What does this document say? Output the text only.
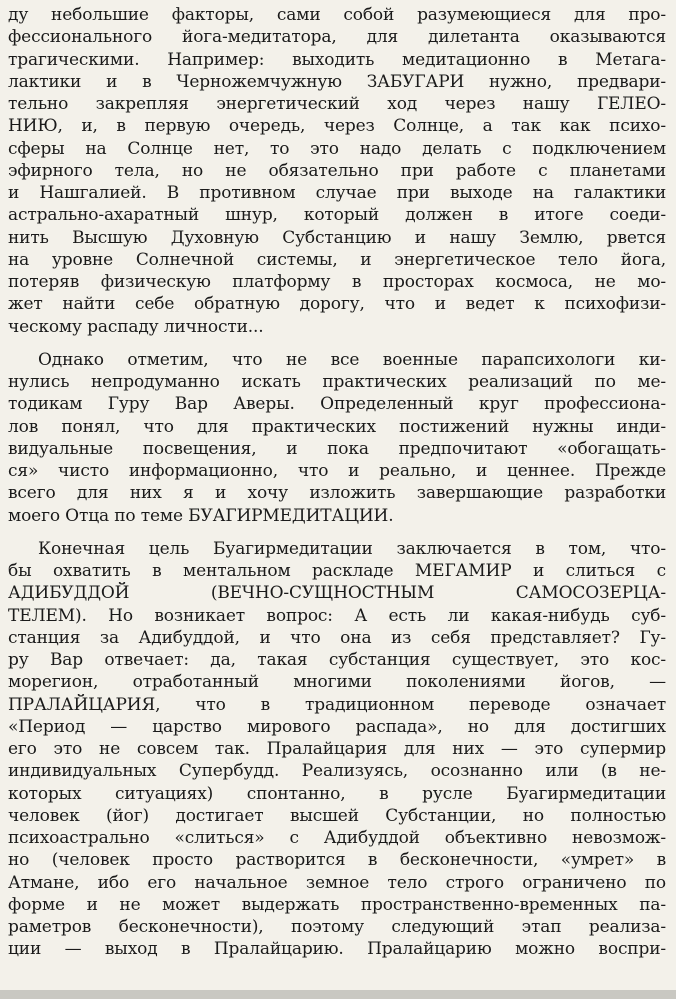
ду небольшие факторы, сами собой разумеющиеся для про-
фессионального йога-медитатора, для дилетанта оказываются
трагическими. Например: выходить медитационно в Метага-
лактики и в Черножемчужную ЗАБУГАРИ нужно, предвари-
тельно закрепляя энергетический ход через нашу ГЕЛЕО-
НИЮ, и, в первую очередь, через Солнце, а так как психо-
сферы на Солнце нет, то это надо делать с подключением
эфирного тела, но не обязательно при работе с планетами
и Нашгалией. В противном случае при выходе на галактики
астрально-ахаратный шнур, который должен в итоге соеди-
нить Высшую Духовную Субстанцию и нашу Землю, рвется
на уровне Солнечной системы, и энергетическое тело йога,
потеряв физическую платформу в просторах космоса, не мо-
жет найти себе обратную дорогу, что и ведет к психофизи-
ческому распаду личности...
Однако отметим, что не все военные парапсихологи ки-
нулись непродуманно искать практических реализаций по ме-
тодикам Гуру Вар Аверы. Определенный круг профессиона-
лов понял, что для практических постижений нужны инди-
видуальные посвещения, и пока предпочитают «обогащать-
ся» чисто информационно, что и реально, и ценнее. Прежде
всего для них я и хочу изложить завершающие разработки
моего Отца по теме БУАГИРМЕДИТАЦИИ.
Конечная цель Буагирмедитации заключается в том, что-
бы охватить в ментальном раскладе МЕГАМИР и слиться с
АДИБУДДОЙ (ВЕЧНО-СУЩНОСТНЫМ САМОСОЗЕРЦА-
ТЕЛЕМ). Но возникает вопрос: А есть ли какая-нибудь суб-
станция за Адибуддой, и что она из себя представляет? Гу-
ру Вар отвечает: да, такая субстанция существует, это кос-
морегион, отработанный многими поколениями йогов, —
ПРАЛАЙЦАРИЯ, что в традиционном переводе означает
«Период — царство мирового распада», но для достигших
его это не совсем так. Пралайцария для них — это супермир
индивидуальных Супербудд. Реализуясь, осознанно или (в не-
которых ситуациях) спонтанно, в русле Буагирмедитации
человек (йог) достигает высшей Субстанции, но полностью
психоастрально «слиться» с Адибуддой объективно невозмож-
но (человек просто растворится в бесконечности, «умрет» в
Атмане, ибо его начальное земное тело строго ограничено по
форме и не может выдержать пространственно-временных па-
раметров бесконечности), поэтому следующий этап реализа-
ции — выход в Пралайцарию. Пралайцарию можно воспри-
